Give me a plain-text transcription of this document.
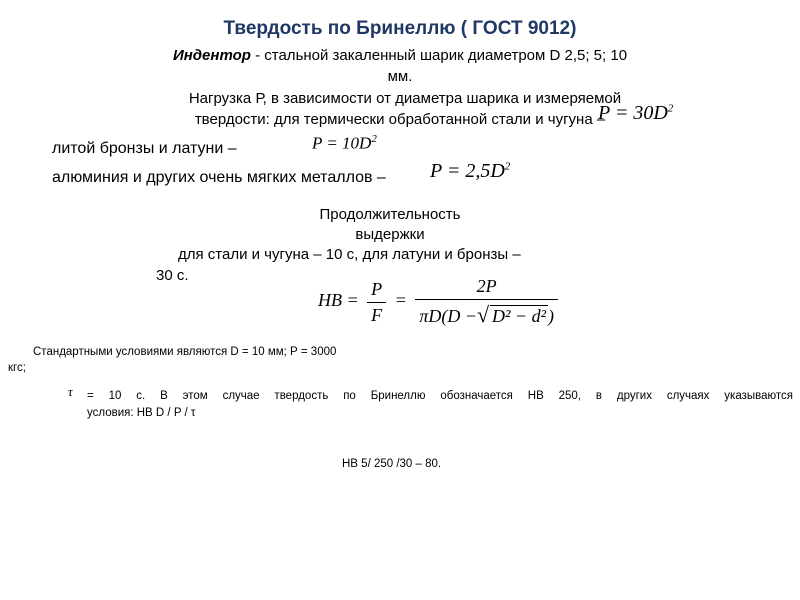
Твердость по Бринеллю ( ГОСТ 9012)
Индентор - стальной закаленный шарик диаметром D 2,5; 5; 10
мм.
Нагрузка Р, в зависимости от диаметра шарика и измеряемой
твердости: для термически обработанной стали и чугуна –
$P = 30D^2$
литой бронзы и латуни –	$P = 10D^2$
алюминия и других очень мягких металлов – $P = 2,5D^2$
Продолжительность
выдержки
для стали и чугуна – 10 с, для латуни и бронзы –
30 с.
HB = $\frac{P}{F} = \frac{2P}{\text{πD(D −√ D² − d² )}}$
Стандартными условиями являются D = 10 мм; Р = 3000
кгс;
τ = 10 с. В этом случае твердость по Бринеллю обозначается НВ 250, в других случаях указываются
условия: НВ D / P / τ
НВ 5/ 250 /30 – 80.
